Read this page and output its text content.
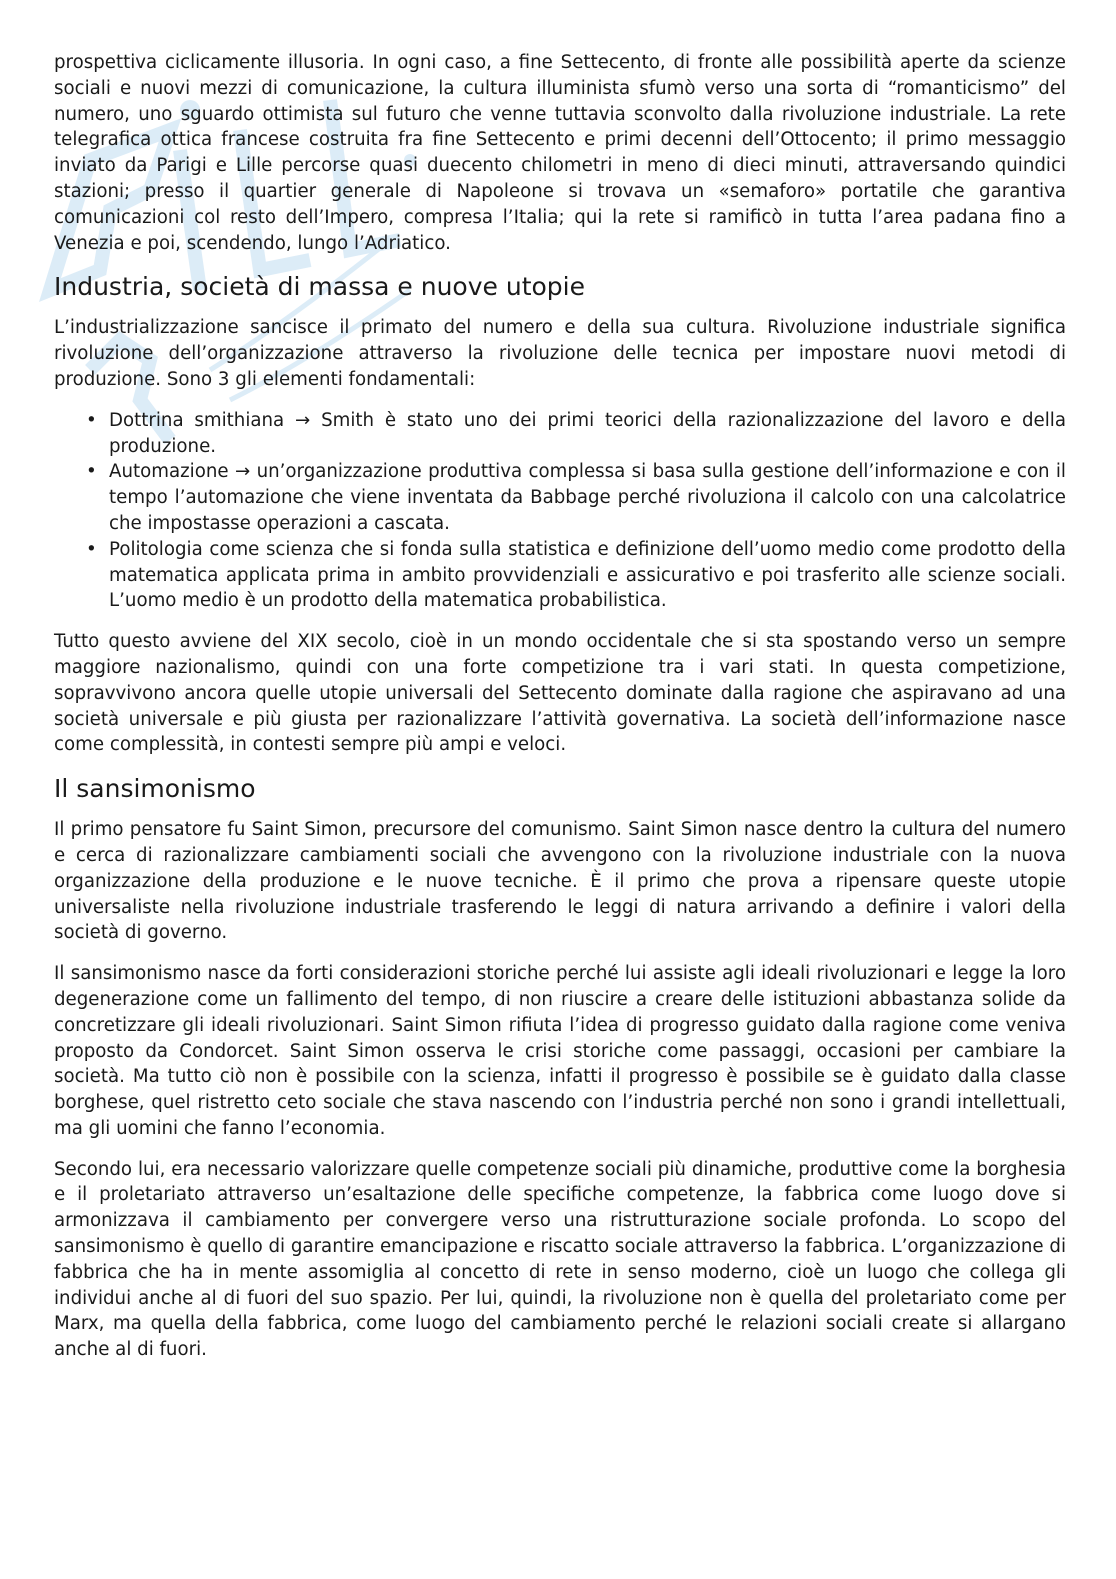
prospettiva ciclicamente illusoria. In ogni caso, a fine Settecento, di fronte alle possibilità aperte da scienze sociali e nuovi mezzi di comunicazione, la cultura illuminista sfumò verso una sorta di “romanticismo” del numero, uno sguardo ottimista sul futuro che venne tuttavia sconvolto dalla rivoluzione industriale. La rete telegrafica ottica francese costruita fra fine Settecento e primi decenni dell’Ottocento; il primo messaggio inviato da Parigi e Lille percorse quasi duecento chilometri in meno di dieci minuti, attraversando quindici stazioni; presso il quartier generale di Napoleone si trovava un «semaforo» portatile che garantiva comunicazioni col resto dell’Impero, compresa l’Italia; qui la rete si ramificò in tutta l’area padana fino a Venezia e poi, scendendo, lungo l’Adriatico.

Industria, società di massa e nuove utopie

L’industrializzazione sancisce il primato del numero e della sua cultura. Rivoluzione industriale significa rivoluzione dell’organizzazione attraverso la rivoluzione delle tecnica per impostare nuovi metodi di produzione. Sono 3 gli elementi fondamentali:

• Dottrina smithiana → Smith è stato uno dei primi teorici della razionalizzazione del lavoro e della produzione.
• Automazione → un’organizzazione produttiva complessa si basa sulla gestione dell’informazione e con il tempo l’automazione che viene inventata da Babbage perché rivoluziona il calcolo con una calcolatrice che impostasse operazioni a cascata.
• Politologia come scienza che si fonda sulla statistica e definizione dell’uomo medio come prodotto della matematica applicata prima in ambito provvidenziali e assicurativo e poi trasferito alle scienze sociali. L’uomo medio è un prodotto della matematica probabilistica.

Tutto questo avviene del XIX secolo, cioè in un mondo occidentale che si sta spostando verso un sempre maggiore nazionalismo, quindi con una forte competizione tra i vari stati. In questa competizione, sopravvivono ancora quelle utopie universali del Settecento dominate dalla ragione che aspiravano ad una società universale e più giusta per razionalizzare l’attività governativa. La società dell’informazione nasce come complessità, in contesti sempre più ampi e veloci.

Il sansimonismo

Il primo pensatore fu Saint Simon, precursore del comunismo. Saint Simon nasce dentro la cultura del numero e cerca di razionalizzare cambiamenti sociali che avvengono con la rivoluzione industriale con la nuova organizzazione della produzione e le nuove tecniche. È il primo che prova a ripensare queste utopie universaliste nella rivoluzione industriale trasferendo le leggi di natura arrivando a definire i valori della società di governo.

Il sansimonismo nasce da forti considerazioni storiche perché lui assiste agli ideali rivoluzionari e legge la loro degenerazione come un fallimento del tempo, di non riuscire a creare delle istituzioni abbastanza solide da concretizzare gli ideali rivoluzionari. Saint Simon rifiuta l’idea di progresso guidato dalla ragione come veniva proposto da Condorcet. Saint Simon osserva le crisi storiche come passaggi, occasioni per cambiare la società. Ma tutto ciò non è possibile con la scienza, infatti il progresso è possibile se è guidato dalla classe borghese, quel ristretto ceto sociale che stava nascendo con l’industria perché non sono i grandi intellettuali, ma gli uomini che fanno l’economia.

Secondo lui, era necessario valorizzare quelle competenze sociali più dinamiche, produttive come la borghesia e il proletariato attraverso un’esaltazione delle specifiche competenze, la fabbrica come luogo dove si armonizzava il cambiamento per convergere verso una ristrutturazione sociale profonda. Lo scopo del sansimonismo è quello di garantire emancipazione e riscatto sociale attraverso la fabbrica. L’organizzazione di fabbrica che ha in mente assomiglia al concetto di rete in senso moderno, cioè un luogo che collega gli individui anche al di fuori del suo spazio. Per lui, quindi, la rivoluzione non è quella del proletariato come per Marx, ma quella della fabbrica, come luogo del cambiamento perché le relazioni sociali create si allargano anche al di fuori.
